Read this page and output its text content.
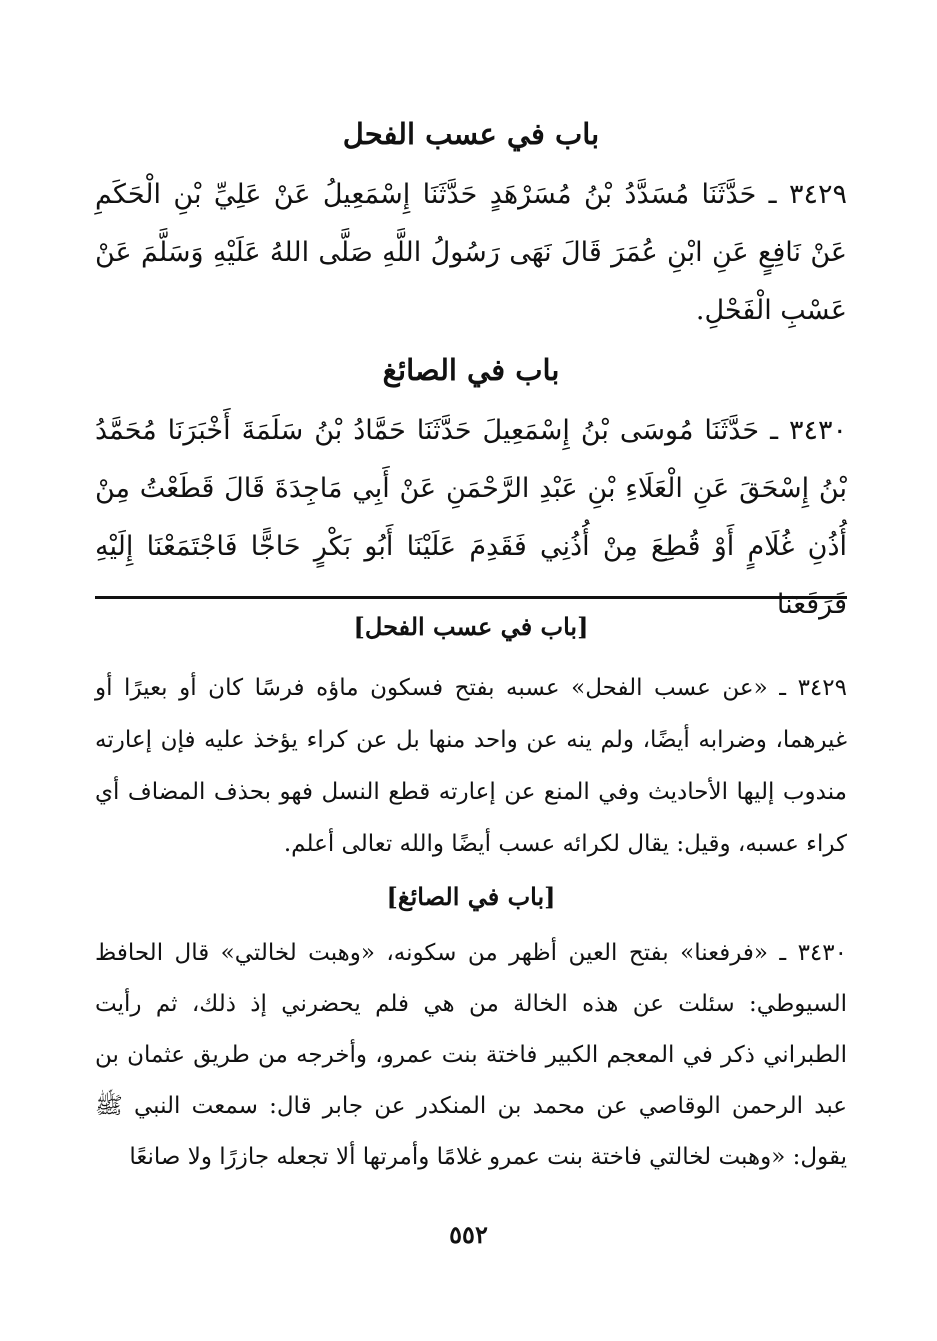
باب في عسب الفحل

٣٤٢٩ ـ حَدَّثَنَا مُسَدَّدُ بْنُ مُسَرْهَدٍ حَدَّثَنَا إِسْمَعِيلُ عَنْ عَلِيِّ بْنِ الْحَكَمِ عَنْ نَافِعٍ عَنِ ابْنِ عُمَرَ قَالَ نَهَى رَسُولُ اللَّهِ صَلَّى اللهُ عَلَيْهِ وَسَلَّمَ عَنْ عَسْبِ الْفَحْلِ.

باب في الصائغ

٣٤٣٠ ـ حَدَّثَنَا مُوسَى بْنُ إِسْمَعِيلَ حَدَّثَنَا حَمَّادُ بْنُ سَلَمَةَ أَخْبَرَنَا مُحَمَّدُ بْنُ إِسْحَقَ عَنِ الْعَلَاءِ بْنِ عَبْدِ الرَّحْمَنِ عَنْ أَبِي مَاجِدَةَ قَالَ قَطَعْتُ مِنْ أُذُنِ غُلَامٍ أَوْ قُطِعَ مِنْ أُذُنِي فَقَدِمَ عَلَيْنَا أَبُو بَكْرٍ حَاجًّا فَاجْتَمَعْنَا إِلَيْهِ فَرَفَعَنَا

[باب في عسب الفحل]

٣٤٢٩ ـ «عن عسب الفحل» عسبه بفتح فسكون ماؤه فرسًا كان أو بعيرًا أو غيرهما، وضرابه أيضًا، ولم ينه عن واحد منها بل عن كراء يؤخذ عليه فإن إعارته مندوب إليها الأحاديث وفي المنع عن إعارته قطع النسل فهو بحذف المضاف أي كراء عسبه، وقيل: يقال لكرائه عسب أيضًا والله تعالى أعلم.

[باب في الصائغ]

٣٤٣٠ ـ «فرفعنا» بفتح العين أظهر من سكونه، «وهبت لخالتي» قال الحافظ السيوطي: سئلت عن هذه الخالة من هي فلم يحضرني إذ ذلك، ثم رأيت الطبراني ذكر في المعجم الكبير فاختة بنت عمرو، وأخرجه من طريق عثمان بن عبد الرحمن الوقاصي عن محمد بن المنكدر عن جابر قال: سمعت النبي ﷺ يقول: «وهبت لخالتي فاختة بنت عمرو غلامًا وأمرتها ألا تجعله جازرًا ولا صانعًا

٥٥٢
